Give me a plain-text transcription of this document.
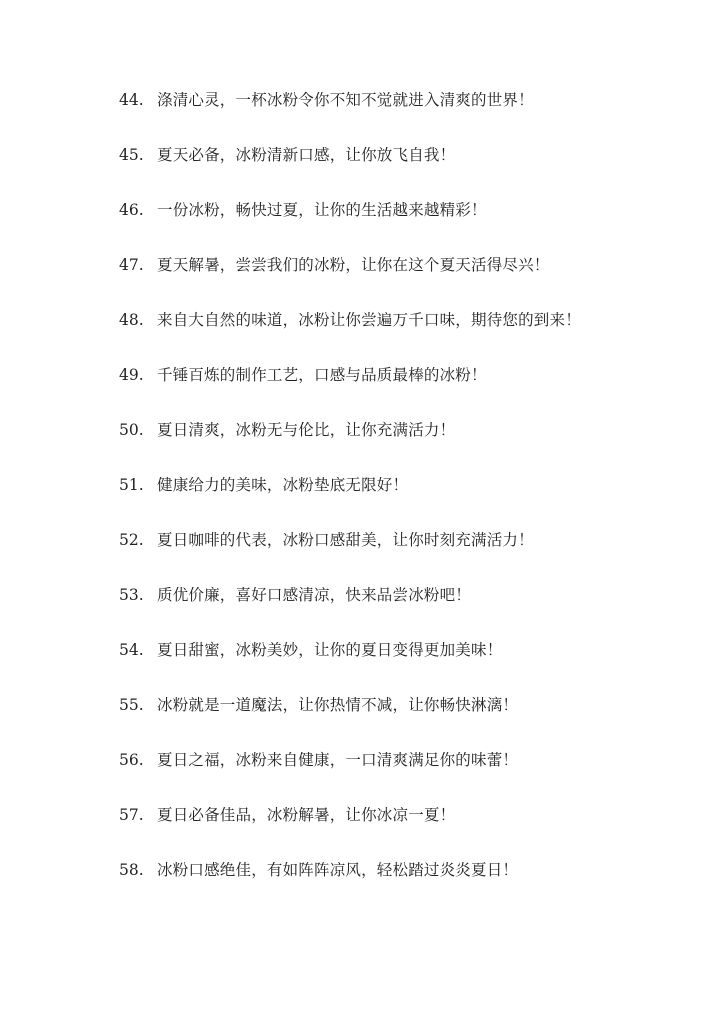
44. 涤清心灵，一杯冰粉令你不知不觉就进入清爽的世界！
45. 夏天必备，冰粉清新口感，让你放飞自我！
46. 一份冰粉，畅快过夏，让你的生活越来越精彩！
47. 夏天解暑，尝尝我们的冰粉，让你在这个夏天活得尽兴！
48. 来自大自然的味道，冰粉让你尝遍万千口味，期待您的到来！
49. 千锤百炼的制作工艺，口感与品质最棒的冰粉！
50. 夏日清爽，冰粉无与伦比，让你充满活力！
51. 健康给力的美味，冰粉垫底无限好！
52. 夏日咖啡的代表，冰粉口感甜美，让你时刻充满活力！
53. 质优价廉，喜好口感清凉，快来品尝冰粉吧！
54. 夏日甜蜜，冰粉美妙，让你的夏日变得更加美味！
55. 冰粉就是一道魔法，让你热情不减，让你畅快淋漓！
56. 夏日之福，冰粉来自健康，一口清爽满足你的味蕾！
57. 夏日必备佳品，冰粉解暑，让你冰凉一夏！
58. 冰粉口感绝佳，有如阵阵凉风，轻松踏过炎炎夏日！
